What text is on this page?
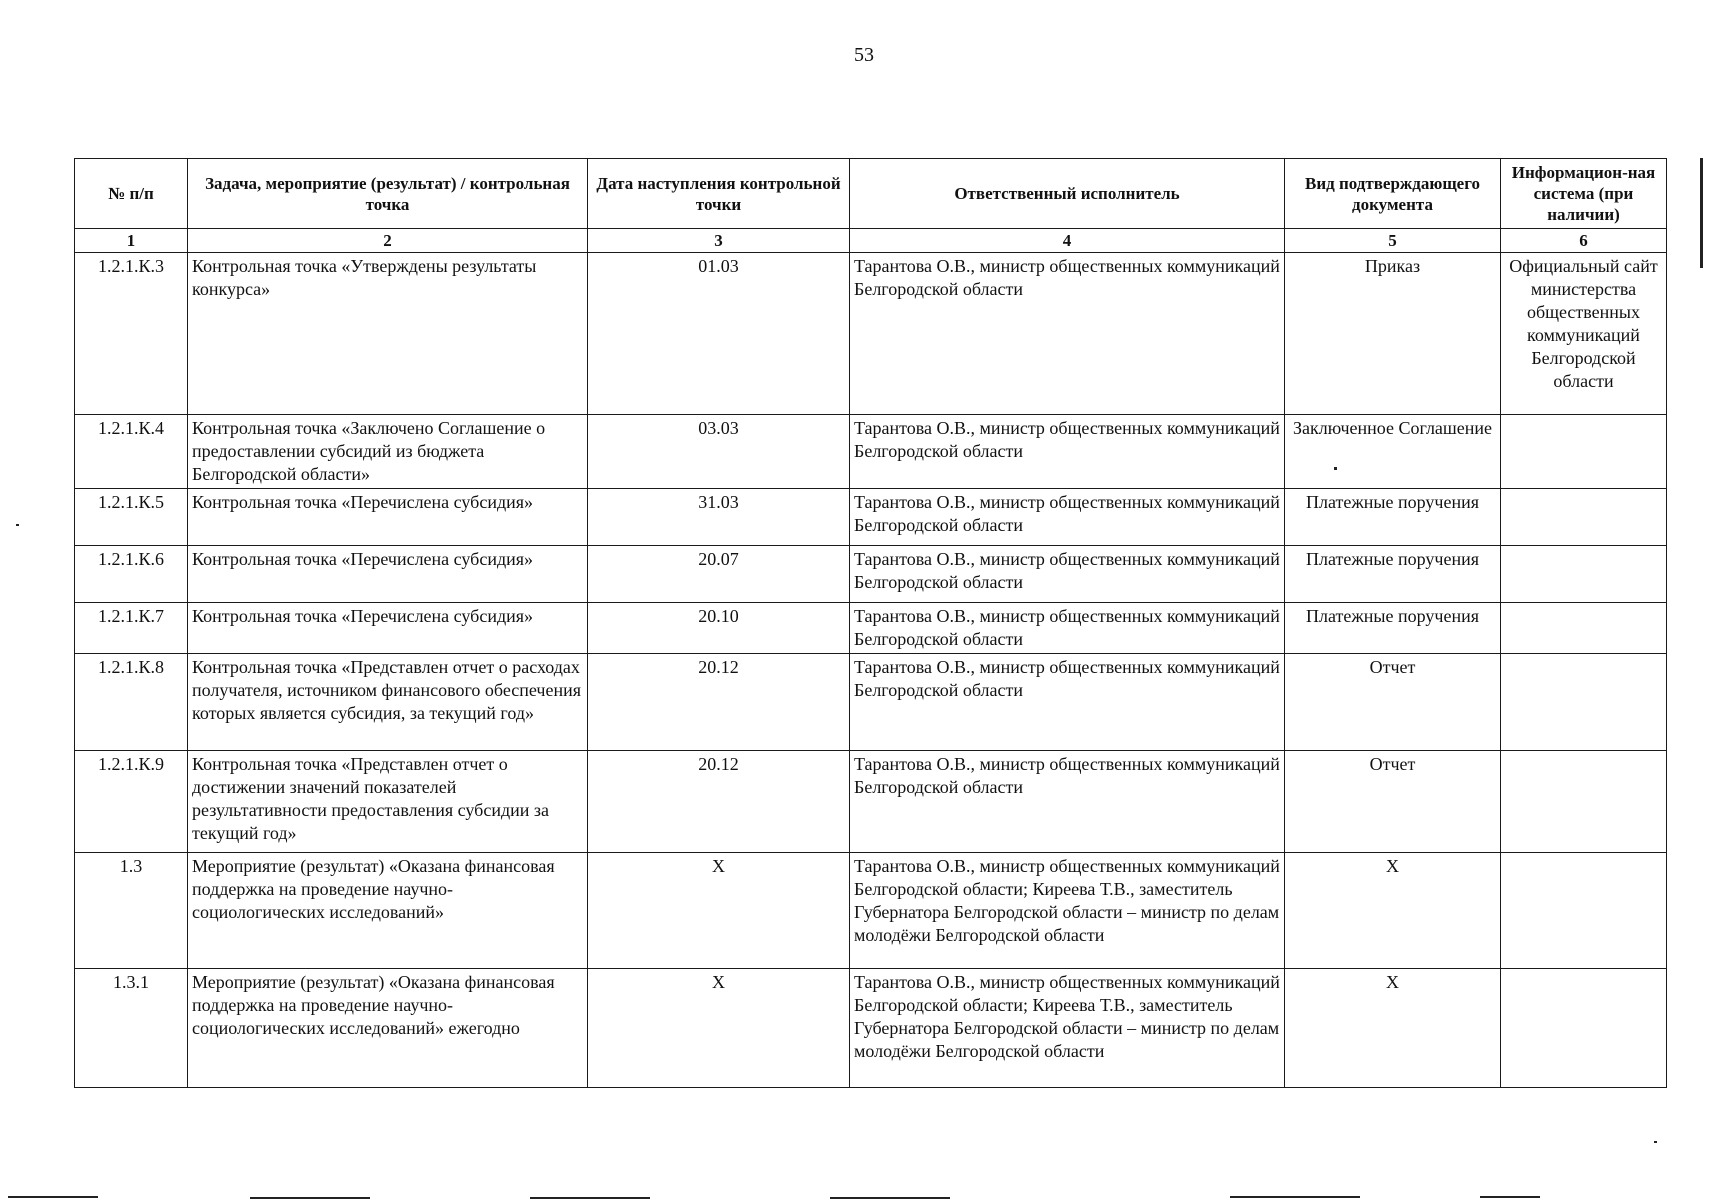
53
№ п/п	Задача, мероприятие (результат) / контрольная точка	Дата наступления контрольной точки	Ответственный исполнитель	Вид подтверждающего документа	Информацион-ная система (при наличии)
1	2	3	4	5	6
1.2.1.К.3	Контрольная точка «Утверждены результаты конкурса»	01.03	Тарантова О.В., министр общественных коммуникаций Белгородской области	Приказ	Официальный сайт министерства общественных коммуникаций Белгородской области
1.2.1.К.4	Контрольная точка «Заключено Соглашение о предоставлении субсидий из бюджета Белгородской области»	03.03	Тарантова О.В., министр общественных коммуникаций Белгородской области	Заключенное Соглашение	
1.2.1.К.5	Контрольная точка «Перечислена субсидия»	31.03	Тарантова О.В., министр общественных коммуникаций Белгородской области	Платежные поручения	
1.2.1.К.6	Контрольная точка «Перечислена субсидия»	20.07	Тарантова О.В., министр общественных коммуникаций Белгородской области	Платежные поручения	
1.2.1.К.7	Контрольная точка «Перечислена субсидия»	20.10	Тарантова О.В., министр общественных коммуникаций Белгородской области	Платежные поручения	
1.2.1.К.8	Контрольная точка «Представлен отчет о расходах получателя, источником финансового обеспечения которых является субсидия, за текущий год»	20.12	Тарантова О.В., министр общественных коммуникаций Белгородской области	Отчет	
1.2.1.К.9	Контрольная точка «Представлен отчет о достижении значений показателей результативности предоставления субсидии за текущий год»	20.12	Тарантова О.В., министр общественных коммуникаций Белгородской области	Отчет	
1.3	Мероприятие (результат) «Оказана финансовая поддержка на проведение научно-социологических исследований»	X	Тарантова О.В., министр общественных коммуникаций Белгородской области; Киреева Т.В., заместитель Губернатора Белгородской области – министр по делам молодёжи Белгородской области	X	
1.3.1	Мероприятие (результат) «Оказана финансовая поддержка на проведение научно-социологических исследований» ежегодно	X	Тарантова О.В., министр общественных коммуникаций Белгородской области; Киреева Т.В., заместитель Губернатора Белгородской области – министр по делам молодёжи Белгородской области	X	
